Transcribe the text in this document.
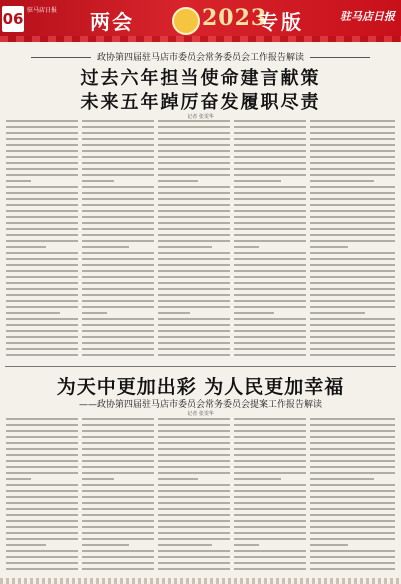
06 驻马店日报	两会	2023
专版	驻马店日报
政协第四届驻马店市委员会常务委员会工作报告解读
过去六年担当使命建言献策
未来五年踔厉奋发履职尽责
记者 张雯华
为天中更加出彩 为人民更加幸福
——政协第四届驻马店市委员会常务委员会提案工作报告解读
记者 张雯华
